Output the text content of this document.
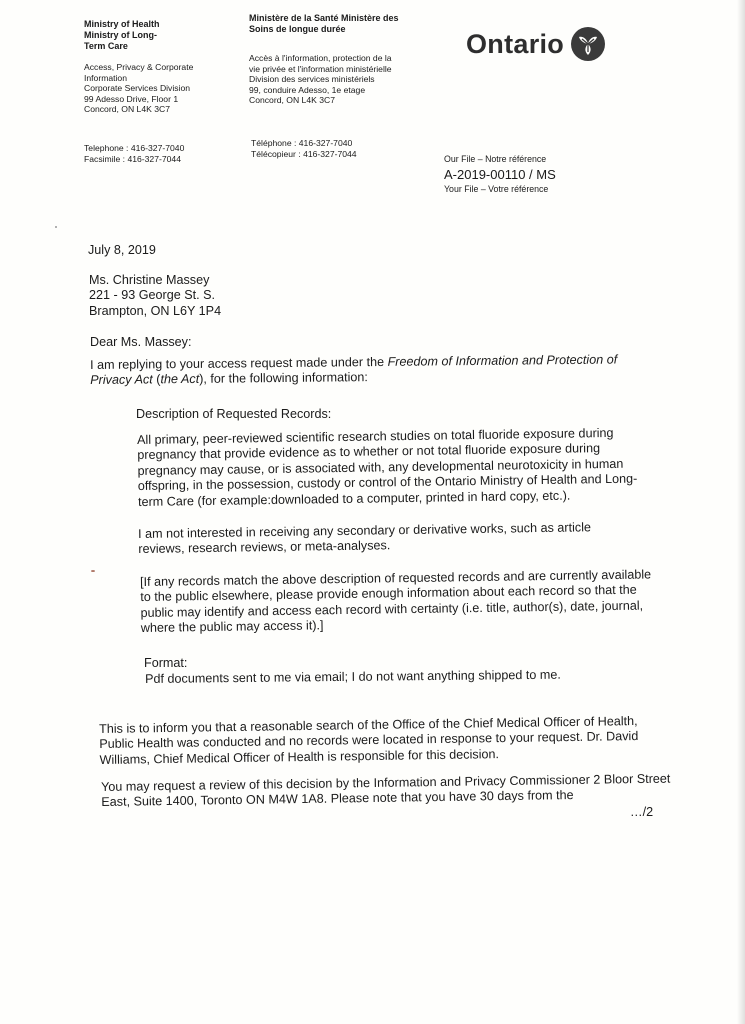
Ministry of Health
Ministry of Long-
Term Care
Access, Privacy & Corporate
Information
Corporate Services Division
99 Adesso Drive, Floor 1
Concord, ON L4K 3C7
Telephone : 416-327-7040
Facsimile : 416-327-7044
Ministère de la Santé Ministère des
Soins de longue durée
Accès à l'information, protection de la
vie privée et l'information ministérielle
Division des services ministériels
99, conduire Adesso, 1e etage
Concord, ON L4K 3C7
Téléphone : 416-327-7040
Télécopieur : 416-327-7044
Ontario
Our File – Notre référence
A-2019-00110 / MS
Your File – Votre référence
July 8, 2019
Ms. Christine Massey
221 - 93 George St. S.
Brampton, ON L6Y 1P4
Dear Ms. Massey:
I am replying to your access request made under the Freedom of Information and Protection of Privacy Act (the Act), for the following information:
Description of Requested Records:
All primary, peer-reviewed scientific research studies on total fluoride exposure during pregnancy that provide evidence as to whether or not total fluoride exposure during pregnancy may cause, or is associated with, any developmental neurotoxicity in human offspring, in the possession, custody or control of the Ontario Ministry of Health and Long-term Care (for example:downloaded to a computer, printed in hard copy, etc.).
I am not interested in receiving any secondary or derivative works, such as article reviews, research reviews, or meta-analyses.
[If any records match the above description of requested records and are currently available to the public elsewhere, please provide enough information about each record so that the public may identify and access each record with certainty (i.e. title, author(s), date, journal, where the public may access it).]
Format:
Pdf documents sent to me via email; I do not want anything shipped to me.
This is to inform you that a reasonable search of the Office of the Chief Medical Officer of Health, Public Health was conducted and no records were located in response to your request. Dr. David Williams, Chief Medical Officer of Health is responsible for this decision.
You may request a review of this decision by the Information and Privacy Commissioner 2 Bloor Street East, Suite 1400, Toronto ON M4W 1A8. Please note that you have 30 days from the
…/2
